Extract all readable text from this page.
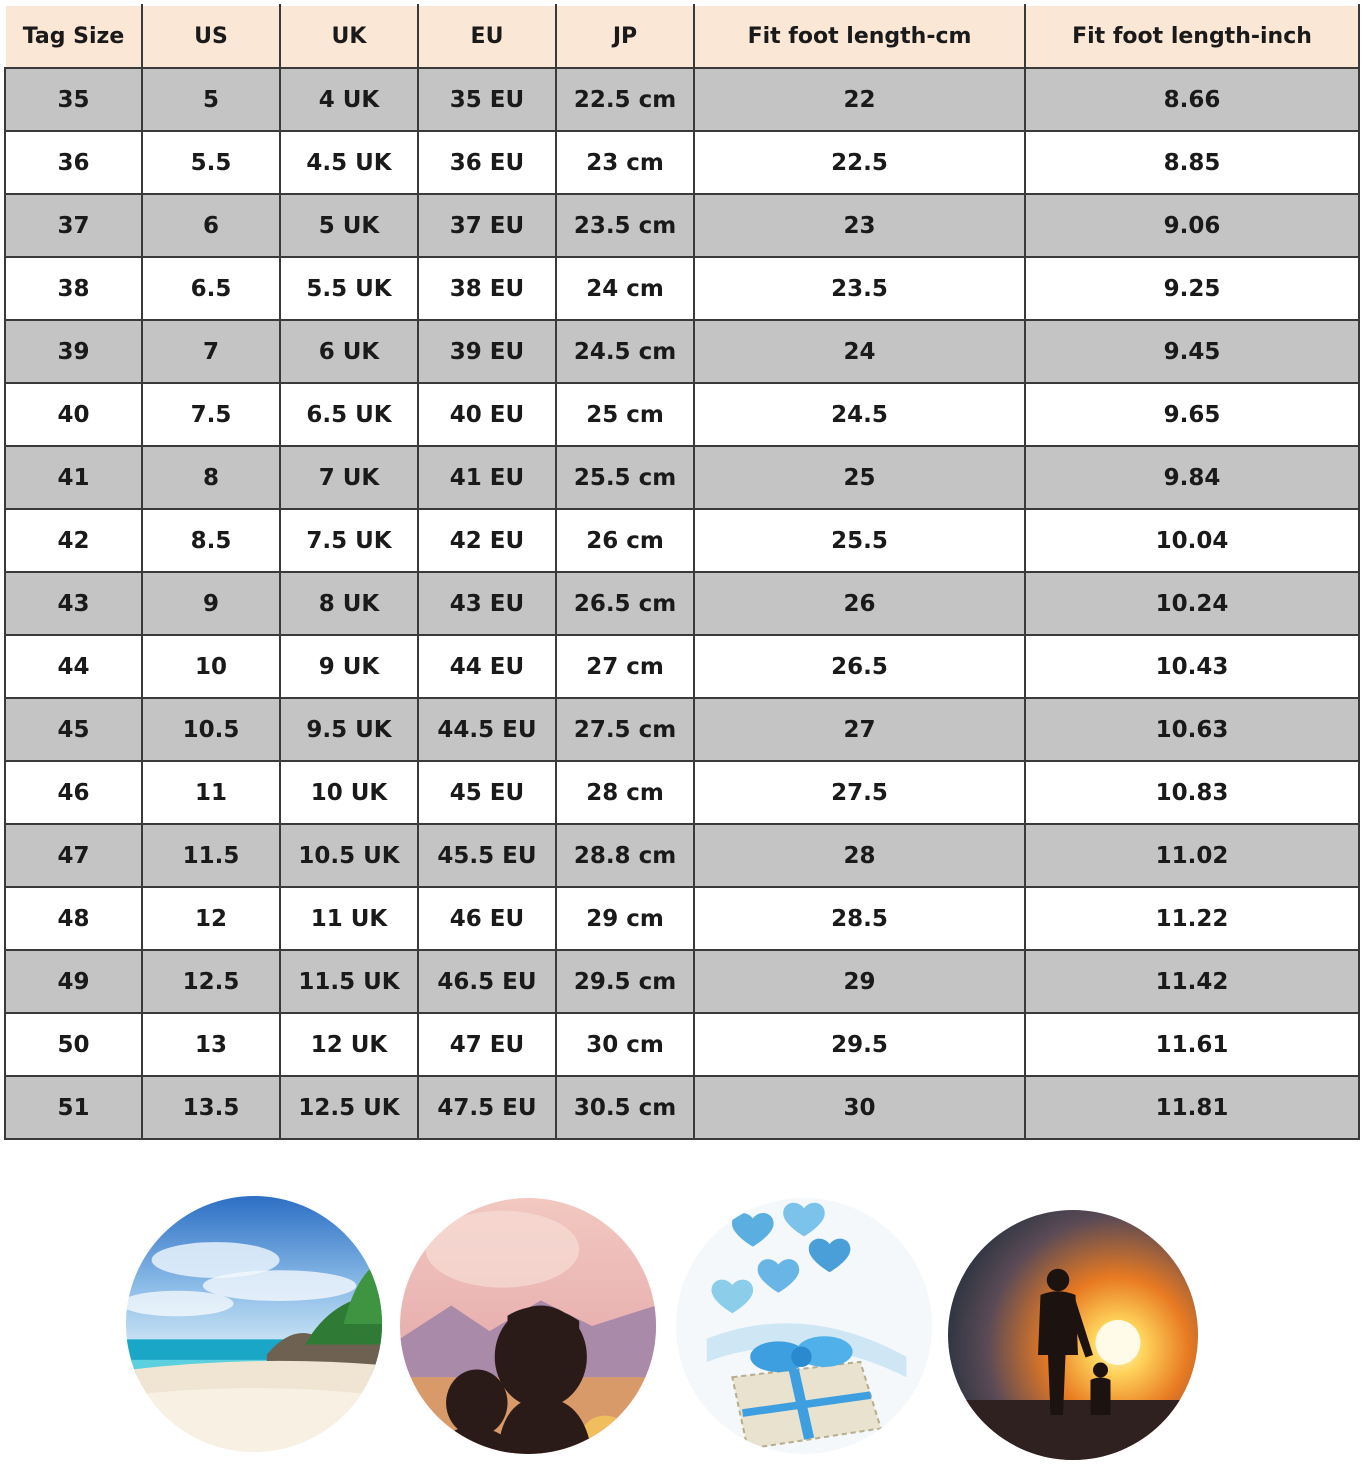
Tag Size	US	UK	EU	JP	Fit foot length-cm	Fit foot length-inch
35	5	4 UK	35 EU	22.5 cm	22	8.66
36	5.5	4.5 UK	36 EU	23 cm	22.5	8.85
37	6	5 UK	37 EU	23.5 cm	23	9.06
38	6.5	5.5 UK	38 EU	24 cm	23.5	9.25
39	7	6 UK	39 EU	24.5 cm	24	9.45
40	7.5	6.5 UK	40 EU	25 cm	24.5	9.65
41	8	7 UK	41 EU	25.5 cm	25	9.84
42	8.5	7.5 UK	42 EU	26 cm	25.5	10.04
43	9	8 UK	43 EU	26.5 cm	26	10.24
44	10	9 UK	44 EU	27 cm	26.5	10.43
45	10.5	9.5 UK	44.5 EU	27.5 cm	27	10.63
46	11	10 UK	45 EU	28 cm	27.5	10.83
47	11.5	10.5 UK	45.5 EU	28.8 cm	28	11.02
48	12	11 UK	46 EU	29 cm	28.5	11.22
49	12.5	11.5 UK	46.5 EU	29.5 cm	29	11.42
50	13	12 UK	47 EU	30 cm	29.5	11.61
51	13.5	12.5 UK	47.5 EU	30.5 cm	30	11.81
